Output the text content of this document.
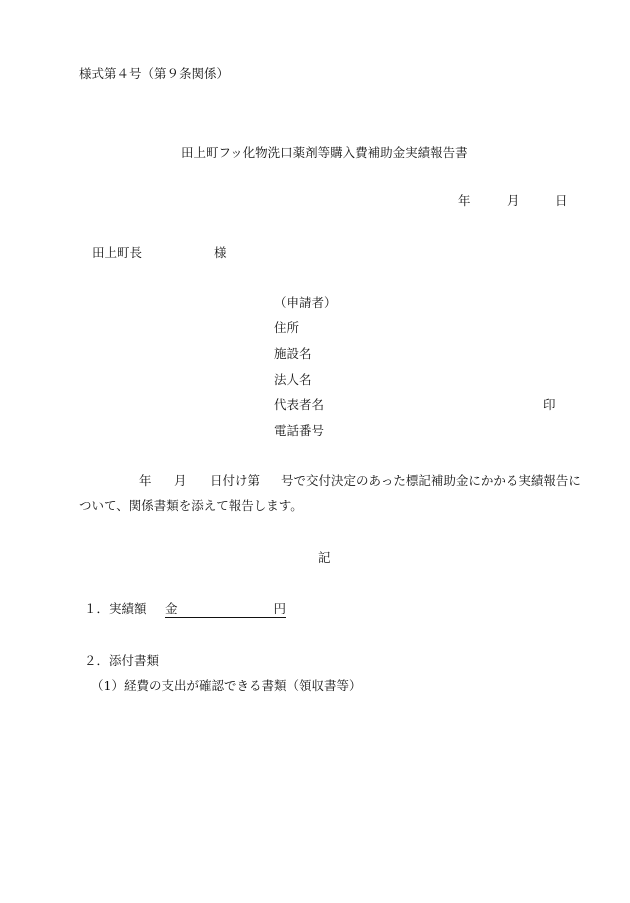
様式第４号（第９条関係）
田上町フッ化物洗口薬剤等購入費補助金実績報告書
年	月	日
田上町長	様
（申請者）
住所
施設名
法人名
代表者名	印
電話番号
年 月 日付け第 号で交付決定のあった標記補助金にかかる実績報告に
ついて、関係書類を添えて報告します。
記
１．実績額 金	円
２．添付書類
（1） 経費の支出が確認できる書類（領収書等）
